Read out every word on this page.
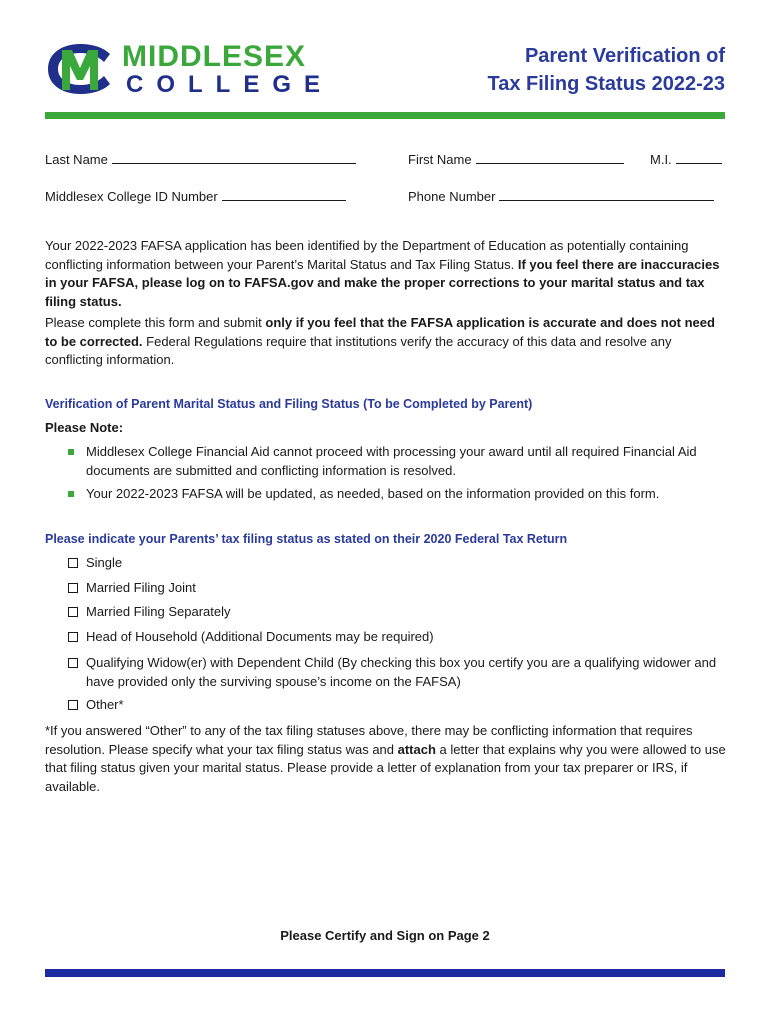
MIDDLESEX
COLLEGE
Parent Verification of
Tax Filing Status 2022-23
Last Name	First Name	M.I.
Middlesex College ID Number	Phone Number
Your 2022-2023 FAFSA application has been identified by the Department of Education as potentially containing conflicting information between your Parent’s Marital Status and Tax Filing Status. If you feel there are inaccuracies in your FAFSA, please log on to FAFSA.gov and make the proper corrections to your marital status and tax filing status.
Please complete this form and submit only if you feel that the FAFSA application is accurate and does not need to be corrected. Federal Regulations require that institutions verify the accuracy of this data and resolve any conflicting information.
Verification of Parent Marital Status and Filing Status (To be Completed by Parent)
Please Note:
Middlesex College Financial Aid cannot proceed with processing your award until all required Financial Aid documents are submitted and conflicting information is resolved.
Your 2022-2023 FAFSA will be updated, as needed, based on the information provided on this form.
Please indicate your Parents’ tax filing status as stated on their 2020 Federal Tax Return
Single
Married Filing Joint
Married Filing Separately
Head of Household (Additional Documents may be required)
Qualifying Widow(er) with Dependent Child (By checking this box you certify you are a qualifying widower and have provided only the surviving spouse’s income on the FAFSA)
Other*
*If you answered “Other” to any of the tax filing statuses above, there may be conflicting information that requires resolution. Please specify what your tax filing status was and attach a letter that explains why you were allowed to use that filing status given your marital status. Please provide a letter of explanation from your tax preparer or IRS, if available.
Please Certify and Sign on Page 2
